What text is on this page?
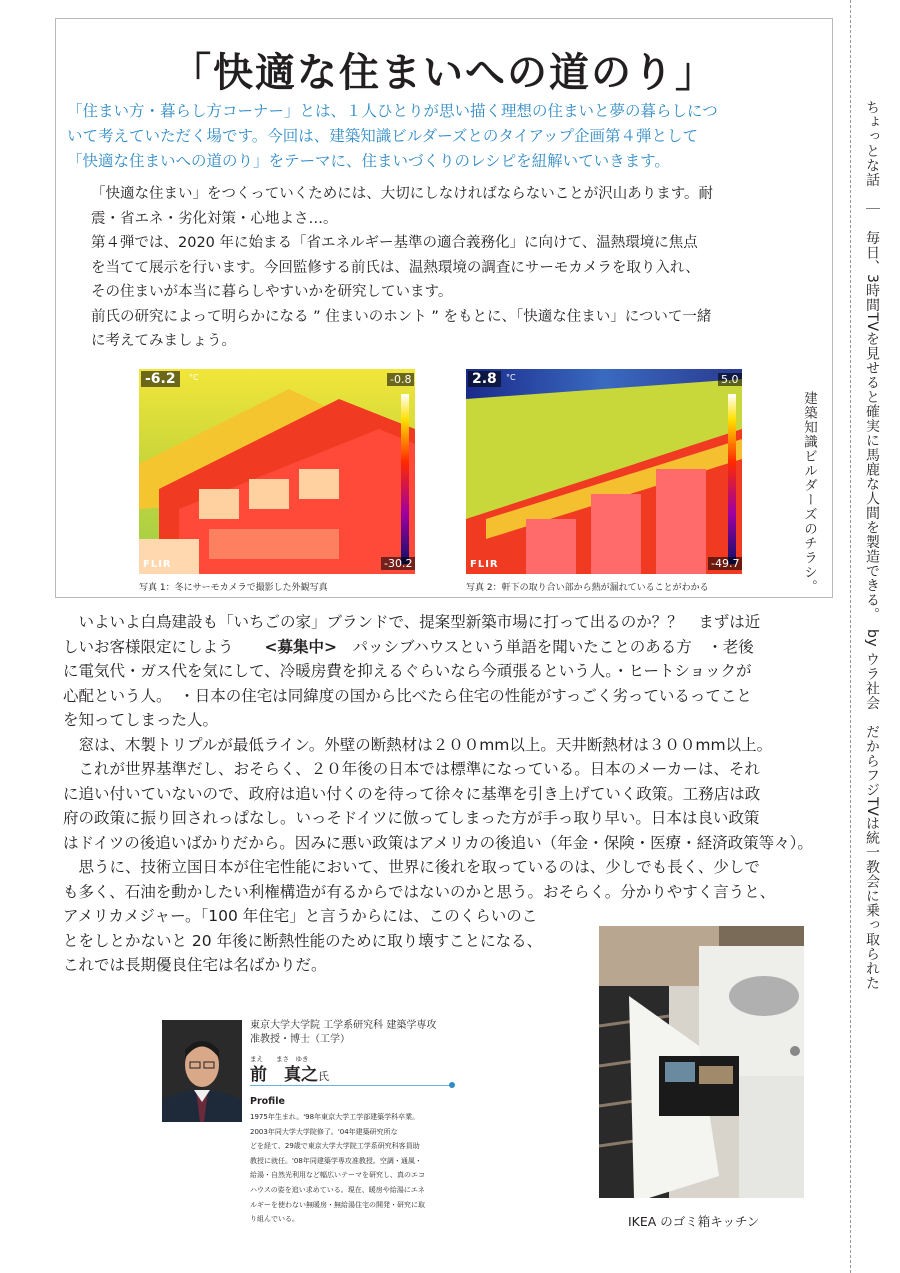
「快適な住まいへの道のり」

「住まい方・暮らし方コーナー」とは、１人ひとりが思い描く理想の住まいと夢の暮らしにつ

いて考えていただく場です。今回は、建築知識ビルダーズとのタイアップ企画第４弾として

「快適な住まいへの道のり」をテーマに、住まいづくりのレシピを紐解いていきます。

「快適な住まい」をつくっていくためには、大切にしなければならないことが沢山あります。耐

震・省エネ・劣化対策・心地よさ…。

第４弾では、2020 年に始まる「省エネルギー基準の適合義務化」に向けて、温熱環境に焦点

を当てて展示を行います。今回監修する前氏は、温熱環境の調査にサーモカメラを取り入れ、

その住まいが本当に暮らしやすいかを研究しています。

前氏の研究によって明らかになる ” 住まいのホント ” をもとに、「快適な住まい」について一緒

に考えてみましょう。

-6.2	°C	-0.8
-30.2
FLIR
写真 1：冬にサーモカメラで撮影した外観写真
2.8	°C	5.0
-49.7
FLIR
写真 2：軒下の取り合い部から熱が漏れていることがわかる	建築知識ビルダーズのチラシ。

　いよいよ白鳥建設も「いちごの家」ブランドで、提案型新築市場に打って出るのか？？　まずは近

しいお客様限定にしよう　　<募集中>　パッシブハウスという単語を聞いたことのある方　・老後

に電気代・ガス代を気にして、冷暖房費を抑えるぐらいなら今頑張るという人。・ヒートショックが

心配という人。　・日本の住宅は同緯度の国から比べたら住宅の性能がすっごく劣っているってこと

を知ってしまった人。

　窓は、木製トリプルが最低ライン。外壁の断熱材は２００mm以上。天井断熱材は３００mm以上。

　これが世界基準だし、おそらく、２０年後の日本では標準になっている。日本のメーカーは、それ

に追い付いていないので、政府は追い付くのを待って徐々に基準を引き上げていく政策。工務店は政

府の政策に振り回されっぱなし。いっそドイツに倣ってしまった方が手っ取り早い。日本は良い政策

はドイツの後追いばかりだから。因みに悪い政策はアメリカの後追い（年金・保険・医療・経済政策等々）。

　思うに、技術立国日本が住宅性能において、世界に後れを取っているのは、少しでも長く、少しで

も多く、石油を動かしたい利権構造が有るからではないのかと思う。おそらく。分かりやすく言うと、

アメリカメジャー。「100 年住宅」と言うからには、このくらいのこ

とをしとかないと 20 年後に断熱性能のために取り壊すことになる、

これでは長期優良住宅は名ばかりだ。

東京大学大学院 工学系研究科 建築学専攻
准教授・博士（工学）
まえ　　まさ　ゆき
前　真之氏
Profile

1975年生まれ。'98年東京大学工学部建築学科卒業。

2003年同大学大学院修了。'04年建築研究所な

どを経て、29歳で東京大学大学院工学系研究科客員助

教授に就任。'08年同建築学専攻准教授。空調・通風・

給湯・自然光利用など幅広いテーマを研究し、真のエコ

ハウスの姿を追い求めている。現在、暖房や給湯にエネ

ルギーを使わない無暖房・無給湯住宅の開発・研究に取

り組んでいる。	IKEA のゴミ箱キッチン
ちょっとな話　｜　毎日、3時間TVを見せると確実に馬鹿な人間を製造できる。　by ウラ社会　だからフジTVは統一教会に乗っ取られた
